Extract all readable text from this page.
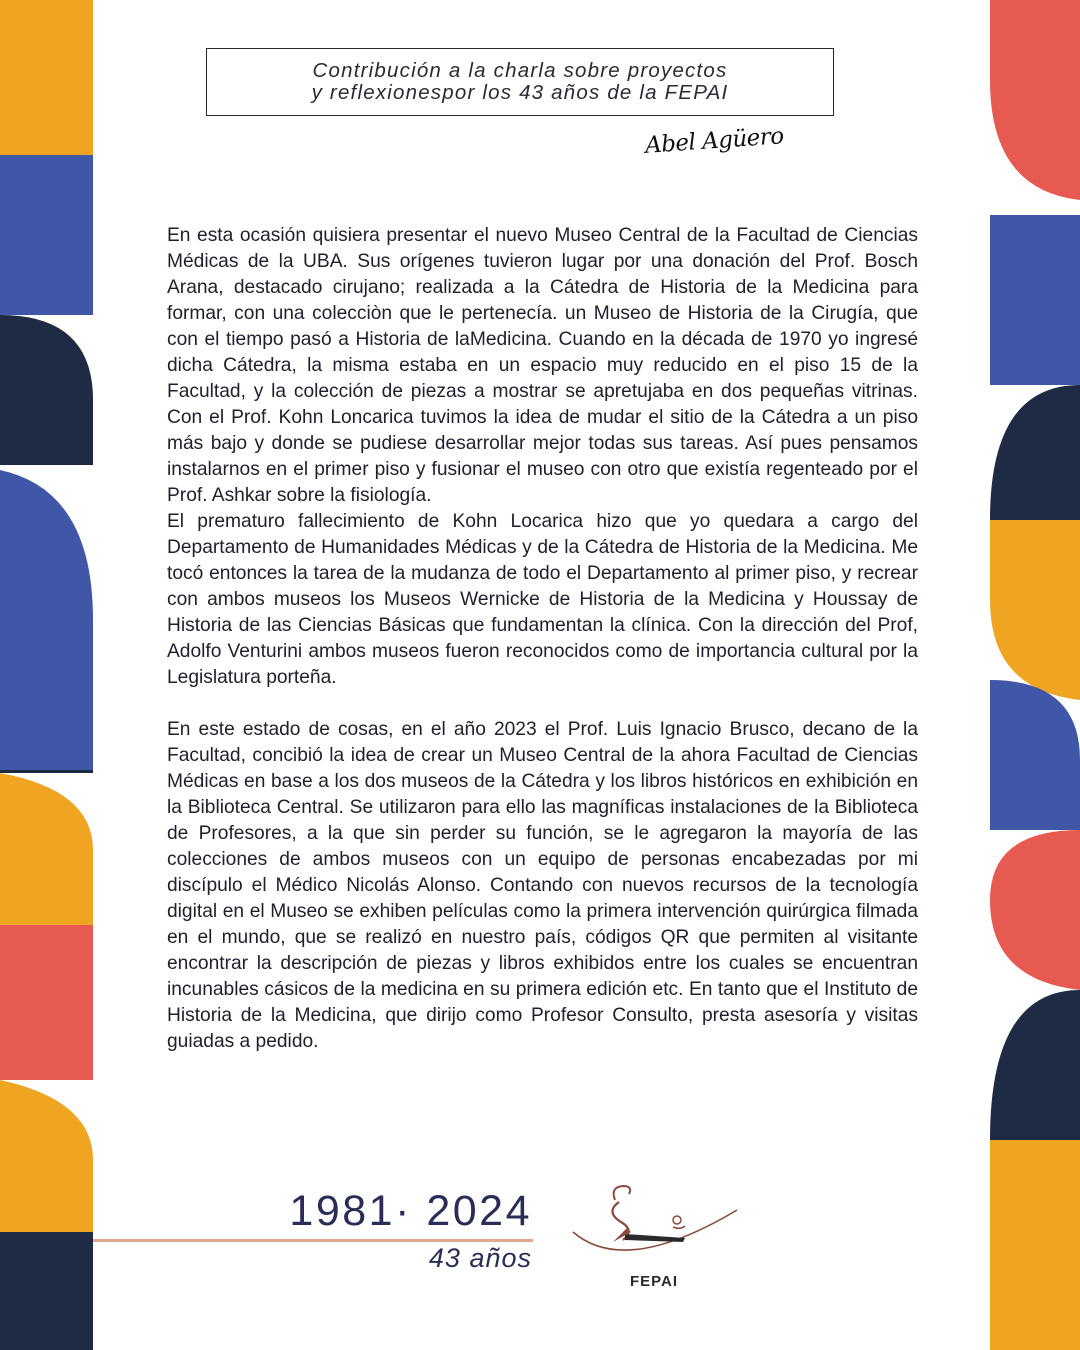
Contribución a la charla sobre proyectos
y reflexionespor los 43 años de la FEPAI
Abel Agüero

En esta ocasión quisiera presentar el nuevo Museo Central de la Facultad de Ciencias Médicas de la UBA. Sus orígenes tuvieron lugar por una donación del Prof. Bosch Arana, destacado cirujano; realizada a la Cátedra de Historia de la Medicina para formar, con una colecciòn que le pertenecía. un Museo de Historia de la Cirugía, que con el tiempo pasó a Historia de laMedicina. Cuando en la década de 1970 yo ingresé dicha Cátedra, la misma estaba en un espacio muy reducido en el piso 15 de la Facultad, y la colección de piezas a mostrar se apretujaba en dos pequeñas vitrinas. Con el Prof. Kohn Loncarica tuvimos la idea de mudar el sitio de la Cátedra a un piso más bajo y donde se pudiese desarrollar mejor todas sus tareas. Así pues pensamos instalarnos en el primer piso y fusionar el museo con otro que existía regenteado por el Prof. Ashkar sobre la fisiología.

El prematuro fallecimiento de Kohn Locarica hizo que yo quedara a cargo del Departamento de Humanidades Médicas y de la Cátedra de Historia de la Medicina. Me tocó entonces la tarea de la mudanza de todo el Departamento al primer piso, y recrear con ambos museos los Museos Wernicke de Historia de la Medicina y Houssay de Historia de las Ciencias Básicas que fundamentan la clínica. Con la dirección del Prof, Adolfo Venturini ambos museos fueron reconocidos como de importancia cultural por la Legislatura porteña.

En este estado de cosas, en el año 2023 el Prof. Luis Ignacio Brusco, decano de la Facultad, concibió la idea de crear un Museo Central de la ahora Facultad de Ciencias Médicas en base a los dos museos de la Cátedra y los libros históricos en exhibición en la Biblioteca Central. Se utilizaron para ello las magníficas instalaciones de la Biblioteca de Profesores, a la que sin perder su función, se le agregaron la mayoría de las colecciones de ambos museos con un equipo de personas encabezadas por mi discípulo el Médico Nicolás Alonso. Contando con nuevos recursos de la tecnología digital en el Museo se exhiben películas como la primera intervención quirúrgica filmada en el mundo, que se realizó en nuestro país, códigos QR que permiten al visitante encontrar la descripción de piezas y libros exhibidos entre los cuales se encuentran incunables cásicos de la medicina en su primera edición etc. En tanto que el Instituto de Historia de la Medicina, que dirijo como Profesor Consulto, presta asesoría y visitas guiadas a pedido.

1981· 2024
43 años
FEPAI
